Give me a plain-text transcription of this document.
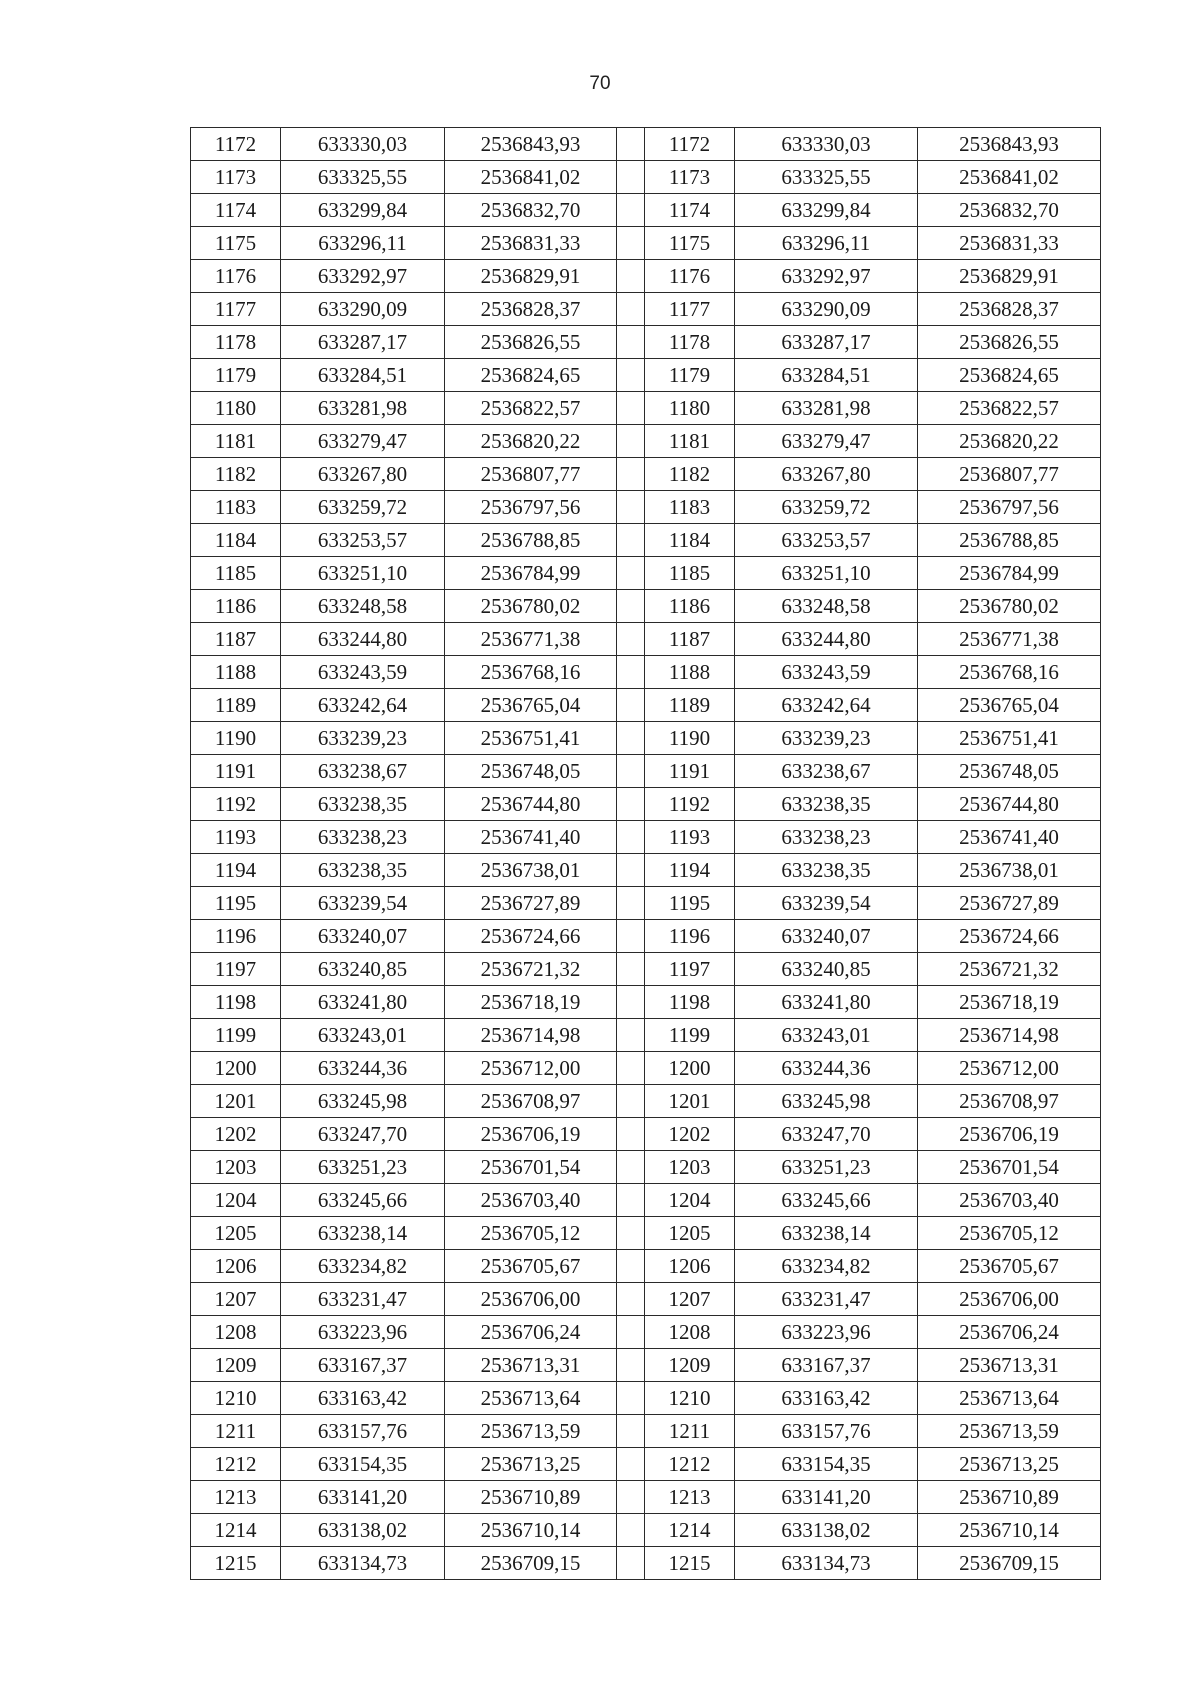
70
1172	633330,03	2536843,93		1172	633330,03	2536843,93
1173	633325,55	2536841,02		1173	633325,55	2536841,02
1174	633299,84	2536832,70		1174	633299,84	2536832,70
1175	633296,11	2536831,33		1175	633296,11	2536831,33
1176	633292,97	2536829,91		1176	633292,97	2536829,91
1177	633290,09	2536828,37		1177	633290,09	2536828,37
1178	633287,17	2536826,55		1178	633287,17	2536826,55
1179	633284,51	2536824,65		1179	633284,51	2536824,65
1180	633281,98	2536822,57		1180	633281,98	2536822,57
1181	633279,47	2536820,22		1181	633279,47	2536820,22
1182	633267,80	2536807,77		1182	633267,80	2536807,77
1183	633259,72	2536797,56		1183	633259,72	2536797,56
1184	633253,57	2536788,85		1184	633253,57	2536788,85
1185	633251,10	2536784,99		1185	633251,10	2536784,99
1186	633248,58	2536780,02		1186	633248,58	2536780,02
1187	633244,80	2536771,38		1187	633244,80	2536771,38
1188	633243,59	2536768,16		1188	633243,59	2536768,16
1189	633242,64	2536765,04		1189	633242,64	2536765,04
1190	633239,23	2536751,41		1190	633239,23	2536751,41
1191	633238,67	2536748,05		1191	633238,67	2536748,05
1192	633238,35	2536744,80		1192	633238,35	2536744,80
1193	633238,23	2536741,40		1193	633238,23	2536741,40
1194	633238,35	2536738,01		1194	633238,35	2536738,01
1195	633239,54	2536727,89		1195	633239,54	2536727,89
1196	633240,07	2536724,66		1196	633240,07	2536724,66
1197	633240,85	2536721,32		1197	633240,85	2536721,32
1198	633241,80	2536718,19		1198	633241,80	2536718,19
1199	633243,01	2536714,98		1199	633243,01	2536714,98
1200	633244,36	2536712,00		1200	633244,36	2536712,00
1201	633245,98	2536708,97		1201	633245,98	2536708,97
1202	633247,70	2536706,19		1202	633247,70	2536706,19
1203	633251,23	2536701,54		1203	633251,23	2536701,54
1204	633245,66	2536703,40		1204	633245,66	2536703,40
1205	633238,14	2536705,12		1205	633238,14	2536705,12
1206	633234,82	2536705,67		1206	633234,82	2536705,67
1207	633231,47	2536706,00		1207	633231,47	2536706,00
1208	633223,96	2536706,24		1208	633223,96	2536706,24
1209	633167,37	2536713,31		1209	633167,37	2536713,31
1210	633163,42	2536713,64		1210	633163,42	2536713,64
1211	633157,76	2536713,59		1211	633157,76	2536713,59
1212	633154,35	2536713,25		1212	633154,35	2536713,25
1213	633141,20	2536710,89		1213	633141,20	2536710,89
1214	633138,02	2536710,14		1214	633138,02	2536710,14
1215	633134,73	2536709,15		1215	633134,73	2536709,15
